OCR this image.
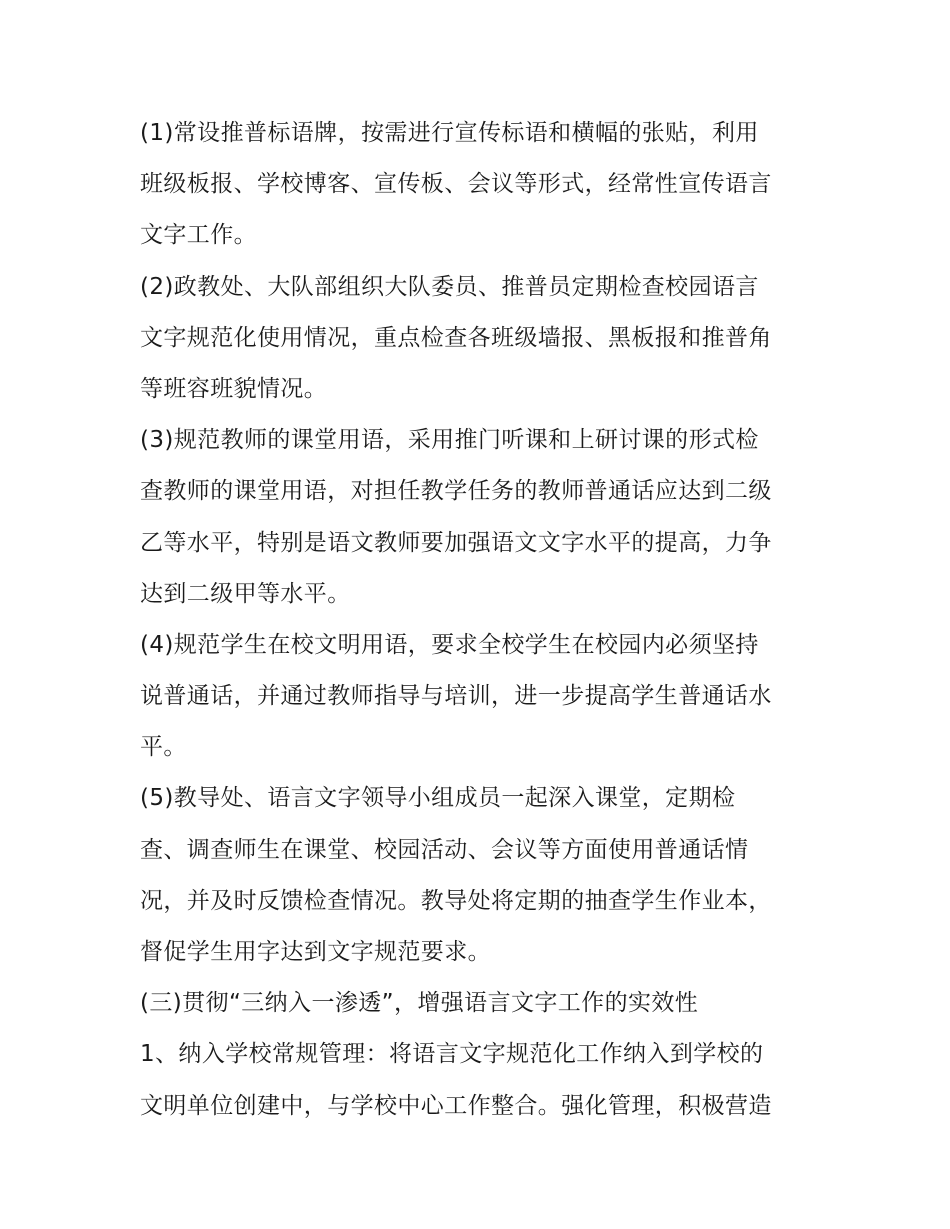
(1)常设推普标语牌，按需进行宣传标语和横幅的张贴，利用
班级板报、学校博客、宣传板、会议等形式，经常性宣传语言
文字工作。
(2)政教处、大队部组织大队委员、推普员定期检查校园语言
文字规范化使用情况，重点检查各班级墙报、黑板报和推普角
等班容班貌情况。
(3)规范教师的课堂用语，采用推门听课和上研讨课的形式检
查教师的课堂用语，对担任教学任务的教师普通话应达到二级
乙等水平，特别是语文教师要加强语文文字水平的提高，力争
达到二级甲等水平。
(4)规范学生在校文明用语，要求全校学生在校园内必须坚持
说普通话，并通过教师指导与培训，进一步提高学生普通话水
平。
(5)教导处、语言文字领导小组成员一起深入课堂，定期检
查、调查师生在课堂、校园活动、会议等方面使用普通话情
况，并及时反馈检查情况。教导处将定期的抽查学生作业本，
督促学生用字达到文字规范要求。
(三)贯彻“三纳入一渗透”，增强语言文字工作的实效性
1、纳入学校常规管理：将语言文字规范化工作纳入到学校的
文明单位创建中，与学校中心工作整合。强化管理，积极营造
